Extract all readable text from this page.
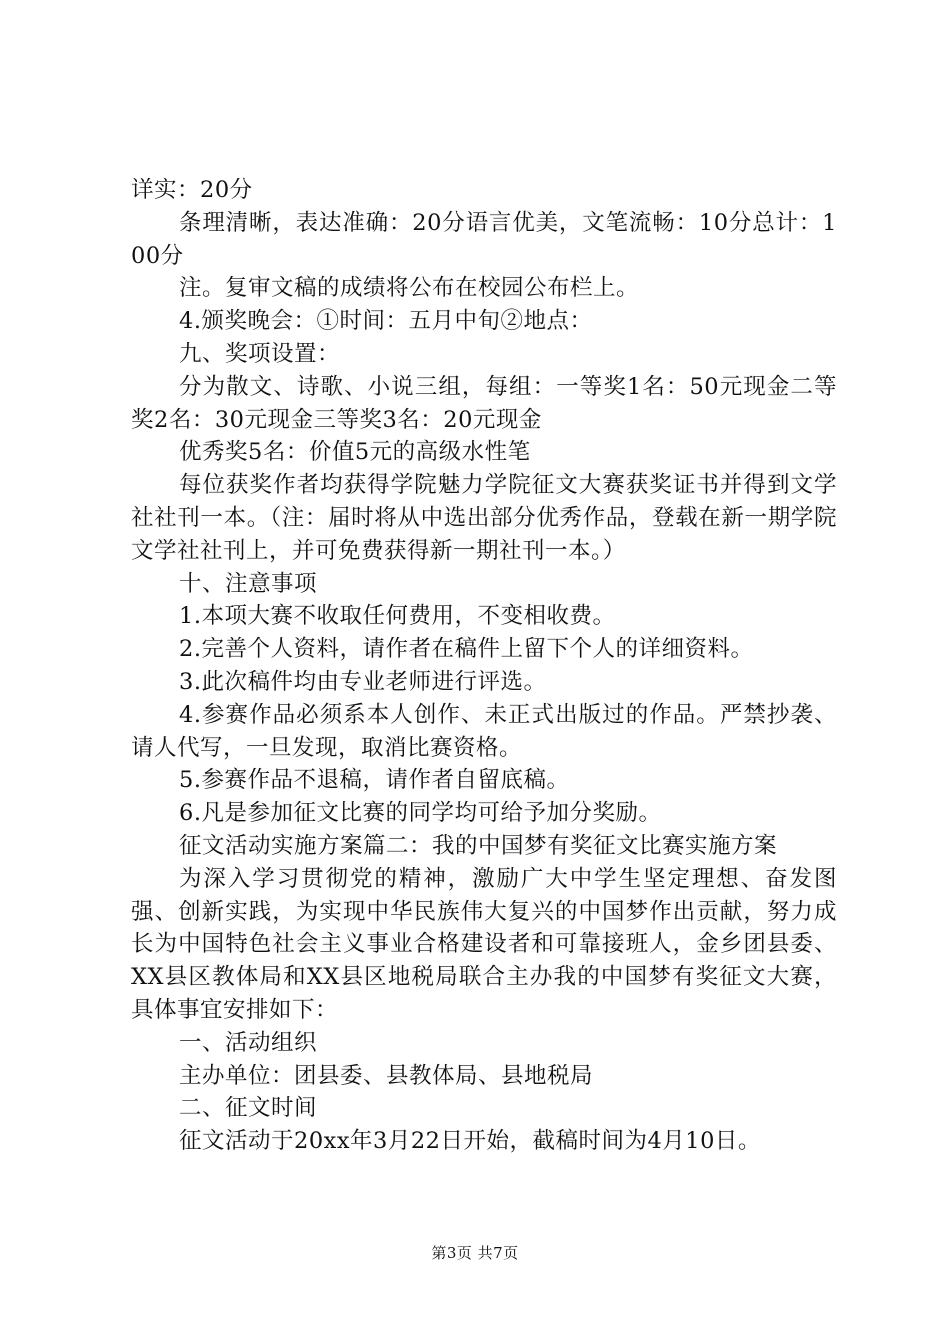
详实：20分

条理清晰，表达准确：20分语言优美，文笔流畅：10分总计：100分

注。复审文稿的成绩将公布在校园公布栏上。

4.颁奖晚会：①时间：五月中旬②地点：

九、奖项设置：

分为散文、诗歌、小说三组，每组：一等奖1名：50元现金二等奖2名：30元现金三等奖3名：20元现金

优秀奖5名：价值5元的高级水性笔

每位获奖作者均获得学院魅力学院征文大赛获奖证书并得到文学社社刊一本。（注：届时将从中选出部分优秀作品，登载在新一期学院文学社社刊上，并可免费获得新一期社刊一本。）

十、注意事项

1.本项大赛不收取任何费用，不变相收费。

2.完善个人资料，请作者在稿件上留下个人的详细资料。

3.此次稿件均由专业老师进行评选。

4.参赛作品必须系本人创作、未正式出版过的作品。严禁抄袭、请人代写，一旦发现，取消比赛资格。

5.参赛作品不退稿，请作者自留底稿。

6.凡是参加征文比赛的同学均可给予加分奖励。

征文活动实施方案篇二：我的中国梦有奖征文比赛实施方案

为深入学习贯彻党的精神，激励广大中学生坚定理想、奋发图强、创新实践，为实现中华民族伟大复兴的中国梦作出贡献，努力成长为中国特色社会主义事业合格建设者和可靠接班人，金乡团县委、XX县区教体局和XX县区地税局联合主办我的中国梦有奖征文大赛，具体事宜安排如下：

一、活动组织

主办单位：团县委、县教体局、县地税局

二、征文时间

征文活动于20xx年3月22日开始，截稿时间为4月10日。

第3页 共7页
